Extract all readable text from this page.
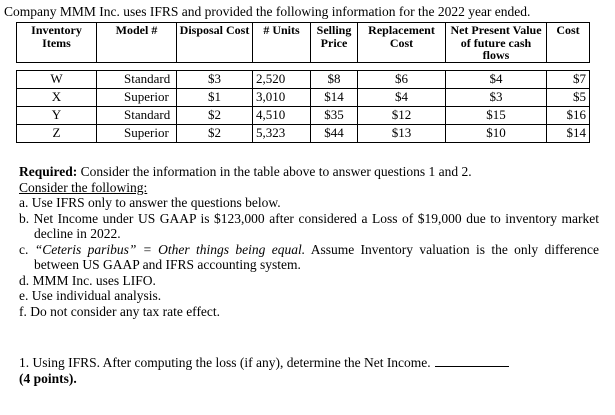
Company MMM Inc. uses IFRS and provided the following information for the 2022 year ended.
Inventory Items	Model #	Disposal Cost	# Units	Selling Price	Replacement Cost	Net Present Value of future cash flows	Cost

W	Standard	$3	2,520	$8	$6	$4	$7
X	Superior	$1	3,010	$14	$4	$3	$5
Y	Standard	$2	4,510	$35	$12	$15	$16
Z	Superior	$2	5,323	$44	$13	$10	$14

Required: Consider the information in the table above to answer questions 1 and 2.

Consider the following:

a. Use IFRS only to answer the questions below.

b. Net Income under US GAAP is $123,000 after considered a Loss of $19,000 due to inventory market decline in 2022.

c. “Ceteris paribus” = Other things being equal. Assume Inventory valuation is the only difference between US GAAP and IFRS accounting system.

d. MMM Inc. uses LIFO.

e. Use individual analysis.

f. Do not consider any tax rate effect.

1. Using IFRS. After computing the loss (if any), determine the Net Income.

(4 points).
